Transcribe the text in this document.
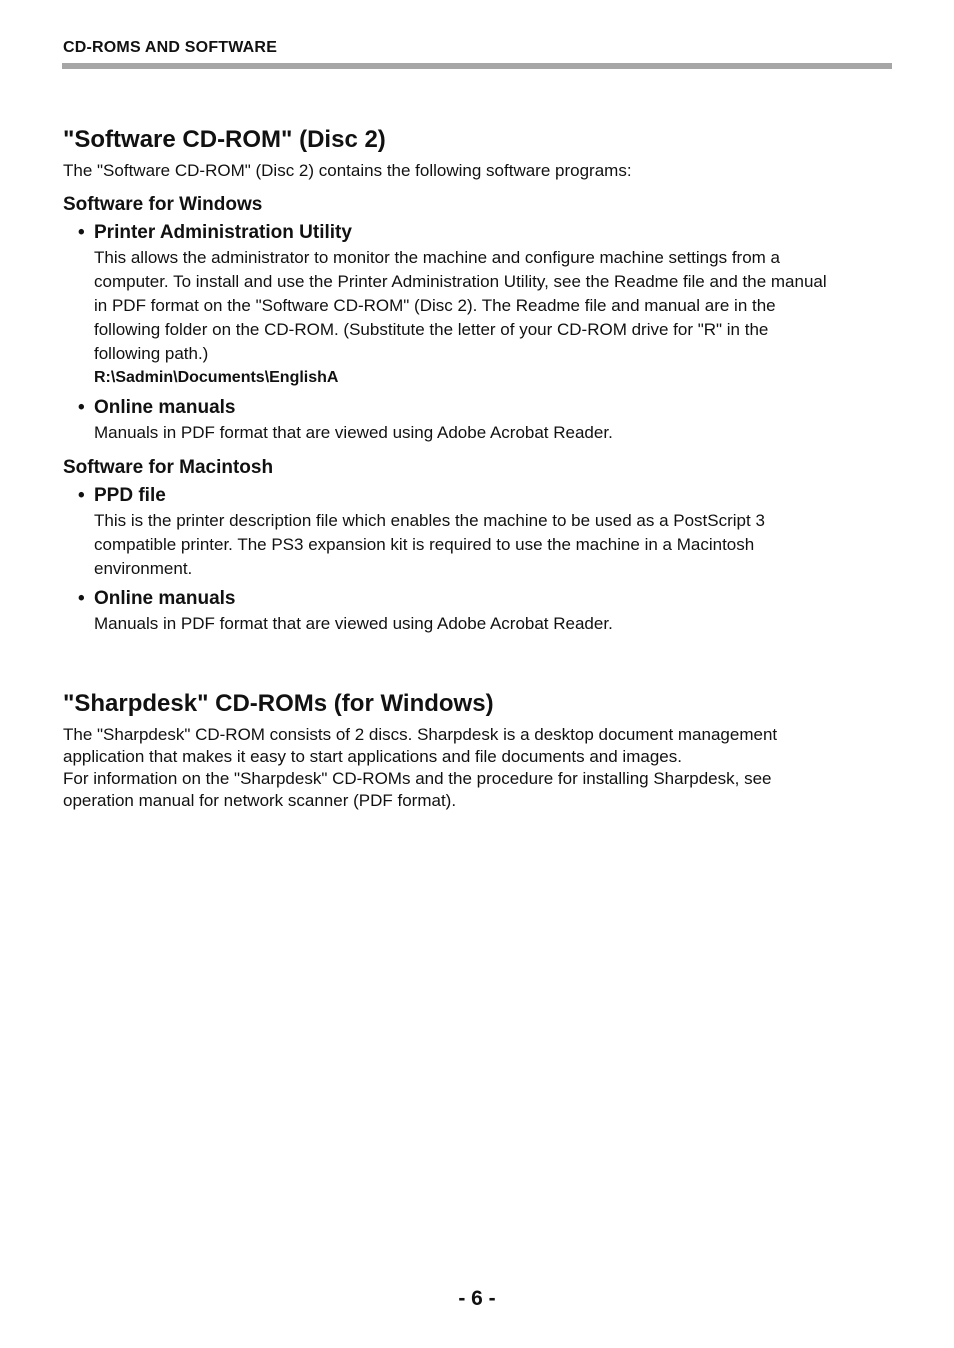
CD-ROMS AND SOFTWARE
"Software CD-ROM" (Disc 2)

The "Software CD-ROM" (Disc 2) contains the following software programs:

Software for Windows
• Printer Administration Utility

This allows the administrator to monitor the machine and configure machine settings from a
computer. To install and use the Printer Administration Utility, see the Readme file and the manual
in PDF format on the "Software CD-ROM" (Disc 2). The Readme file and manual are in the
following folder on the CD-ROM. (Substitute the letter of your CD-ROM drive for "R" in the
following path.)

R:\Sadmin\Documents\EnglishA

• Online manuals

Manuals in PDF format that are viewed using Adobe Acrobat Reader.
Software for Macintosh
• PPD file

This is the printer description file which enables the machine to be used as a PostScript 3
compatible printer. The PS3 expansion kit is required to use the machine in a Macintosh
environment.
• Online manuals

Manuals in PDF format that are viewed using Adobe Acrobat Reader.
"Sharpdesk" CD-ROMs (for Windows)

The "Sharpdesk" CD-ROM consists of 2 discs. Sharpdesk is a desktop document management

application that makes it easy to start applications and file documents and images.

For information on the "Sharpdesk" CD-ROMs and the procedure for installing Sharpdesk, see

operation manual for network scanner (PDF format).

- 6 -
